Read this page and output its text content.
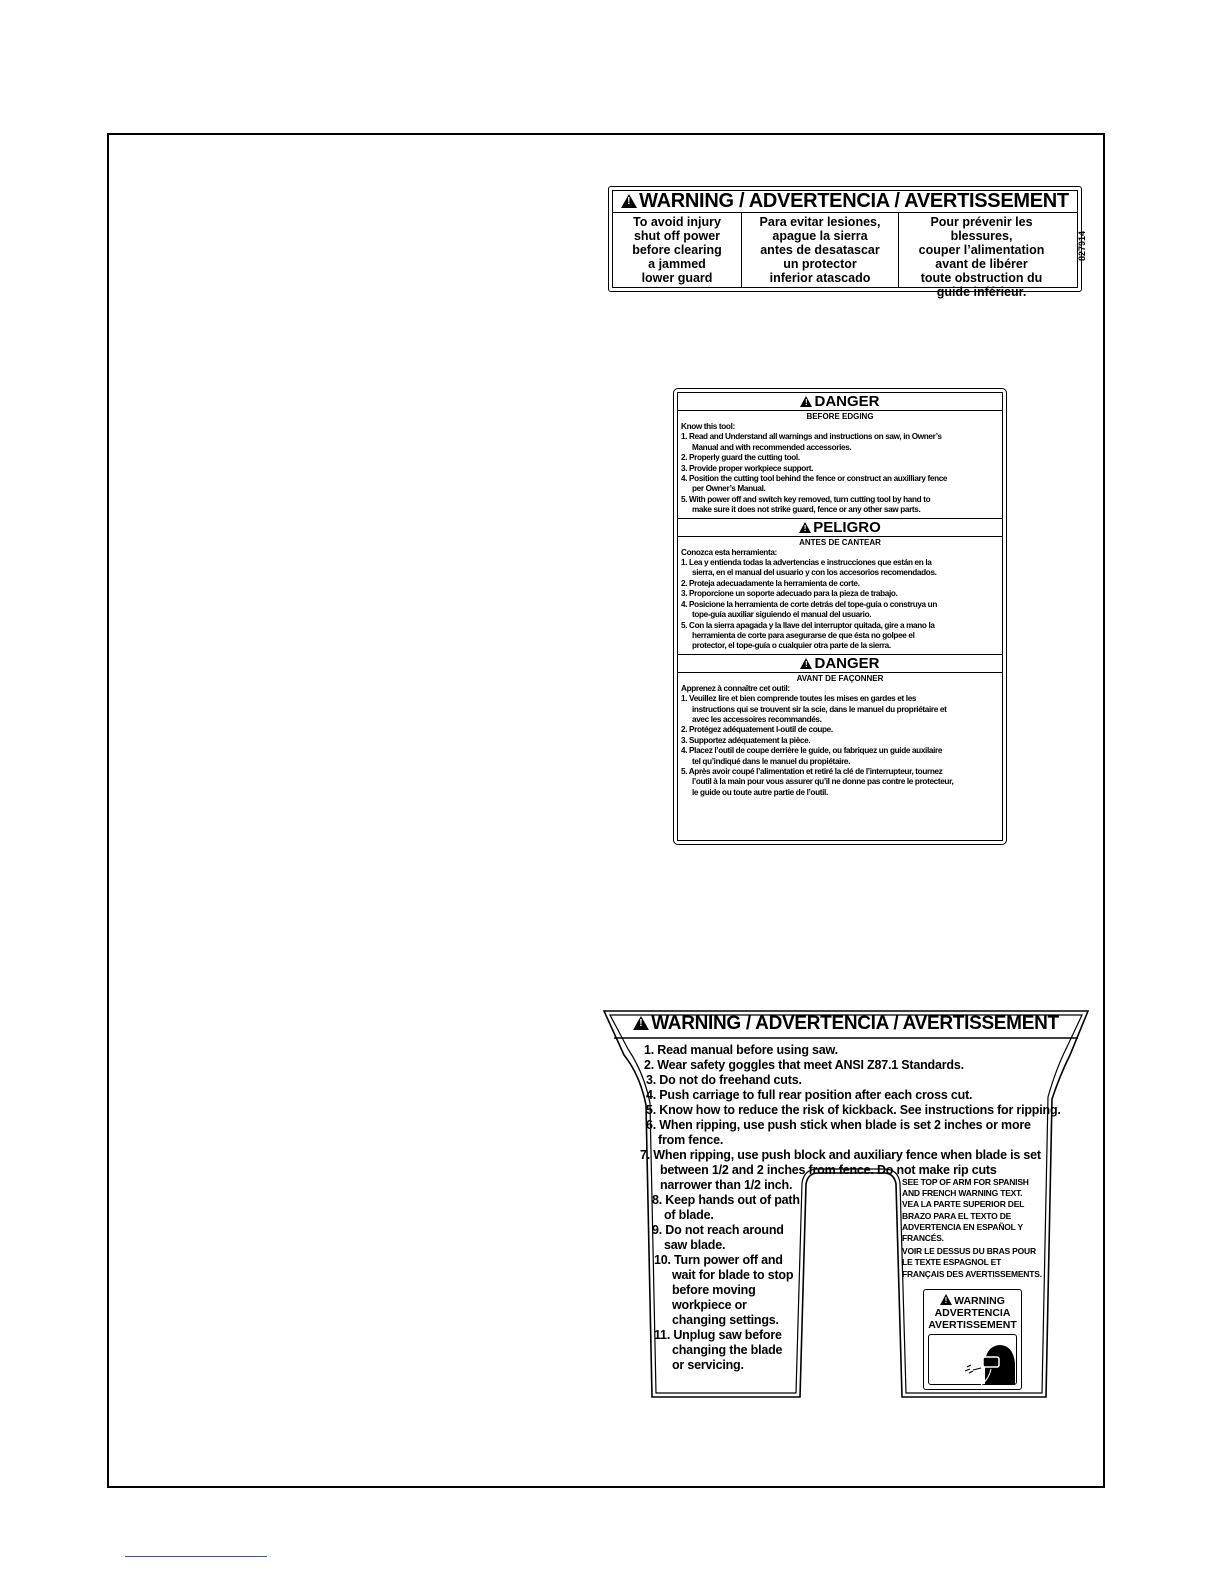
!WARNING / ADVERTENCIA / AVERTISSEMENT
To avoid injury
shut off power
before clearing
a jammed
lower guard
Para evitar lesiones,
apague la sierra
antes de desatascar
un protector
inferior atascado
Pour prévenir les blessures,
couper l’alimentation
avant de libérer
toute obstruction du
guide inférieur.
827914
!DANGER
BEFORE EDGING
Know this tool:
1. Read and Understand all warnings and instructions on saw, in Owner’s
Manual and with recommended accessories.
2. Properly guard the cutting tool.
3. Provide proper workpiece support.
4. Position the cutting tool behind the fence or construct an auxilliary fence
per Owner’s Manual.
5. With power off and switch key removed, turn cutting tool by hand to
make sure it does not strike guard, fence or any other saw parts.
!PELIGRO
ANTES DE CANTEAR
Conozca esta herramienta:
1. Lea y entienda todas la advertencias e instrucciones que están en la
sierra, en el manual del usuario y con los accesorios recomendados.
2. Proteja adecuadamente la herramienta de corte.
3. Proporcione un soporte adecuado para la pieza de trabajo.
4. Posicione la herramienta de corte detrás del tope-guía o construya un
tope-guía auxiliar siguiendo el manual del usuario.
5. Con la sierra apagada y la llave del interruptor quitada, gire a mano la
herramienta de corte para asegurarse de que ésta no golpee el
protector, el tope-guía o cualquier otra parte de la sierra.
!DANGER
AVANT DE FAÇONNER
Apprenez à connaître cet outil:
1. Veuillez lire et bien comprende toutes les mises en gardes et les
instructions qui se trouvent sir la scie, dans le manuel du propriétaire et
avec les accessoires recommandés.
2. Protégez adéquatement l-outil de coupe.
3. Supportez adéquatement la pièce.
4. Placez l’outil de coupe derrière le guide, ou fabriquez un guide auxilaire
tel qu’indiqué dans le manuel du propiétaire.
5. Après avoir coupé l’alimentation et retiré la clé de l’interrupteur, tournez
l’outil à la main pour vous assurer qu’il ne donne pas contre le protecteur,
le guide ou toute autre partie de l’outil.
!WARNING / ADVERTENCIA / AVERTISSEMENT
1. Read manual before using saw.
2. Wear safety goggles that meet ANSI Z87.1 Standards.
3. Do not do freehand cuts.
4. Push carriage to full rear position after each cross cut.
5. Know how to reduce the risk of kickback. See instructions for ripping.
6. When ripping, use push stick when blade is set 2 inches or more
from fence.
7. When ripping, use push block and auxiliary fence when blade is set
between 1/2 and 2 inches from fence. Do not make rip cuts
narrower than 1/2 inch.
8. Keep hands out of path
of blade.
9. Do not reach around
saw blade.
10. Turn power off and
wait for blade to stop
before moving
workpiece or
changing settings.
11. Unplug saw before
changing the blade
or servicing.
SEE TOP OF ARM FOR SPANISH
AND FRENCH WARNING TEXT.
VEA LA PARTE SUPERIOR DEL
BRAZO PARA EL TEXTO DE
ADVERTENCIA EN ESPAÑOL Y
FRANCÉS.
VOIR LE DESSUS DU BRAS POUR
LE TEXTE ESPAGNOL ET
FRANÇAIS DES AVERTISSEMENTS.
!WARNING
ADVERTENCIA
AVERTISSEMENT
